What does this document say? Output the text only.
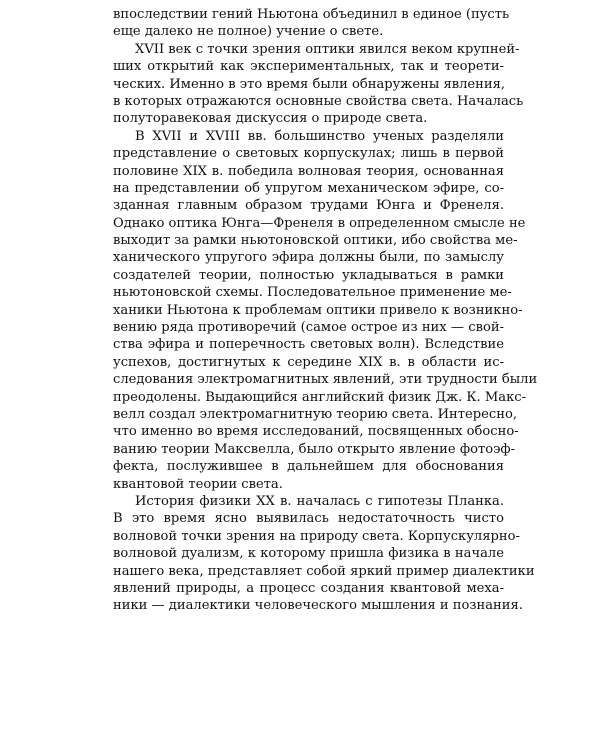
впоследствии гений Ньютона объединил в единое (пусть
еще далеко не полное) учение о свете.
XVII век с точки зрения оптики явился веком крупней-
ших открытий как экспериментальных, так и теорети-
ческих. Именно в это время были обнаружены явления,
в которых отражаются основные свойства света. Началась
полуторавековая дискуссия о природе света.
В XVII и XVIII вв. большинство ученых разделяли
представление о световых корпускулах; лишь в первой
половине XIX в. победила волновая теория, основанная
на представлении об упругом механическом эфире, со-
зданная главным образом трудами Юнга и Френеля.
Однако оптика Юнга—Френеля в определенном смысле не
выходит за рамки ньютоновской оптики, ибо свойства ме-
ханического упругого эфира должны были, по замыслу
создателей теории, полностью укладываться в рамки
ньютоновской схемы. Последовательное применение ме-
ханики Ньютона к проблемам оптики привело к возникно-
вению ряда противоречий (самое острое из них — свой-
ства эфира и поперечность световых волн). Вследствие
успехов, достигнутых к середине XIX в. в области ис-
следования электромагнитных явлений, эти трудности были
преодолены. Выдающийся английский физик Дж. К. Макс-
велл создал электромагнитную теорию света. Интересно,
что именно во время исследований, посвященных обосно-
ванию теории Максвелла, было открыто явление фотоэф-
фекта, послужившее в дальнейшем для обоснования
квантовой теории света.
История физики XX в. началась с гипотезы Планка.
В это время ясно выявилась недостаточность чисто
волновой точки зрения на природу света. Корпускулярно-
волновой дуализм, к которому пришла физика в начале
нашего века, представляет собой яркий пример диалектики
явлений природы, а процесс создания квантовой меха-
ники — диалектики человеческого мышления и познания.
